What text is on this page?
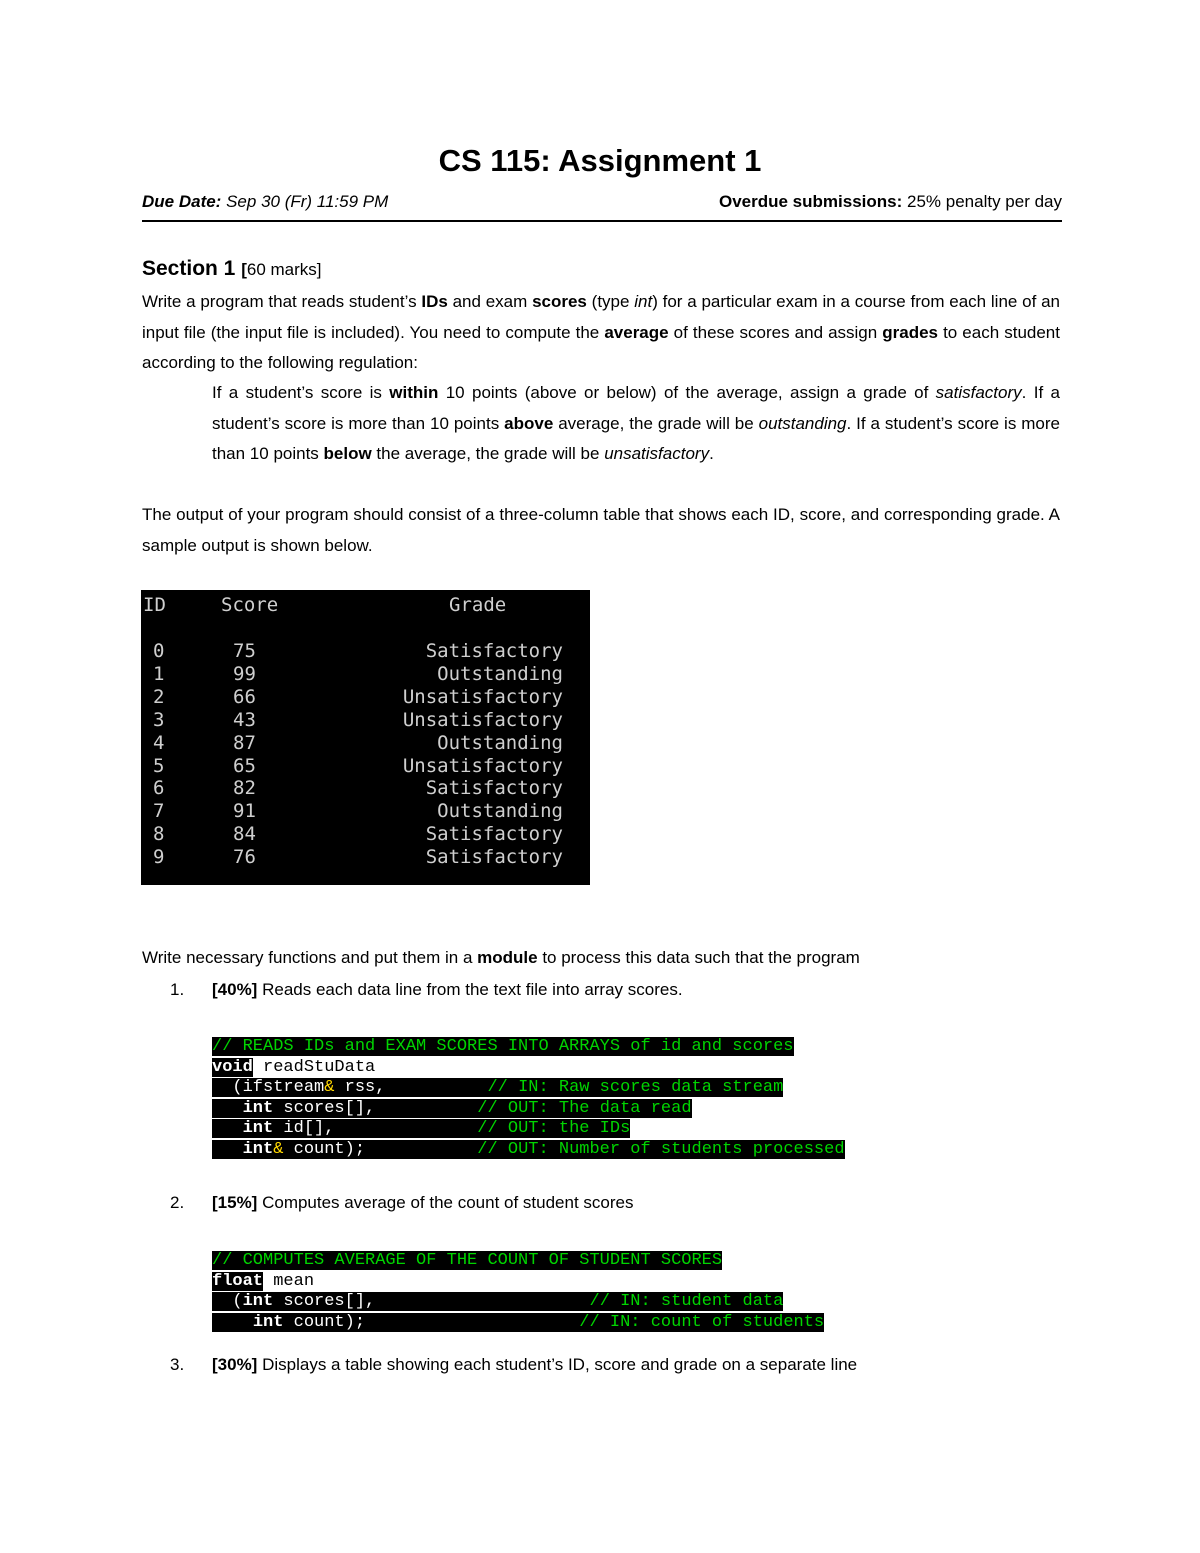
CS 115: Assignment 1
Due Date: Sep 30 (Fr) 11:59 PM	Overdue submissions: 25% penalty per day
Section 1 [60 marks]
Write a program that reads student’s IDs and exam scores (type int) for a particular exam in a course from each line of an input file (the input file is included). You need to compute the average of these scores and assign grades to each student according to the following regulation:
If a student’s score is within 10 points (above or below) of the average, assign a grade of satisfactory. If a student’s score is more than 10 points above average, the grade will be outstanding. If a student’s score is more than 10 points below the average, the grade will be unsatisfactory.
The output of your program should consist of a three-column table that shows each ID, score, and corresponding grade. A sample output is shown below.
ID	Score	Grade
0	75	Satisfactory
1	99	Outstanding
2	66	Unsatisfactory
3	43	Unsatisfactory
4	87	Outstanding
5	65	Unsatisfactory
6	82	Satisfactory
7	91	Outstanding
8	84	Satisfactory
9	76	Satisfactory
Write necessary functions and put them in a module to process this data such that the program
1. [40%] Reads each data line from the text file into array scores.
// READS IDs and EXAM SCORES INTO ARRAYS of id and scores
void readStuData
(ifstream& rss,	// IN: Raw scores data stream
int scores[],	// OUT: The data read
int id[],	// OUT: the IDs
int& count);	// OUT: Number of students processed
2. [15%] Computes average of the count of student scores
// COMPUTES AVERAGE OF THE COUNT OF STUDENT SCORES
float mean
(int scores[],	// IN: student data
int count);	// IN: count of students
3. [30%] Displays a table showing each student’s ID, score and grade on a separate line
